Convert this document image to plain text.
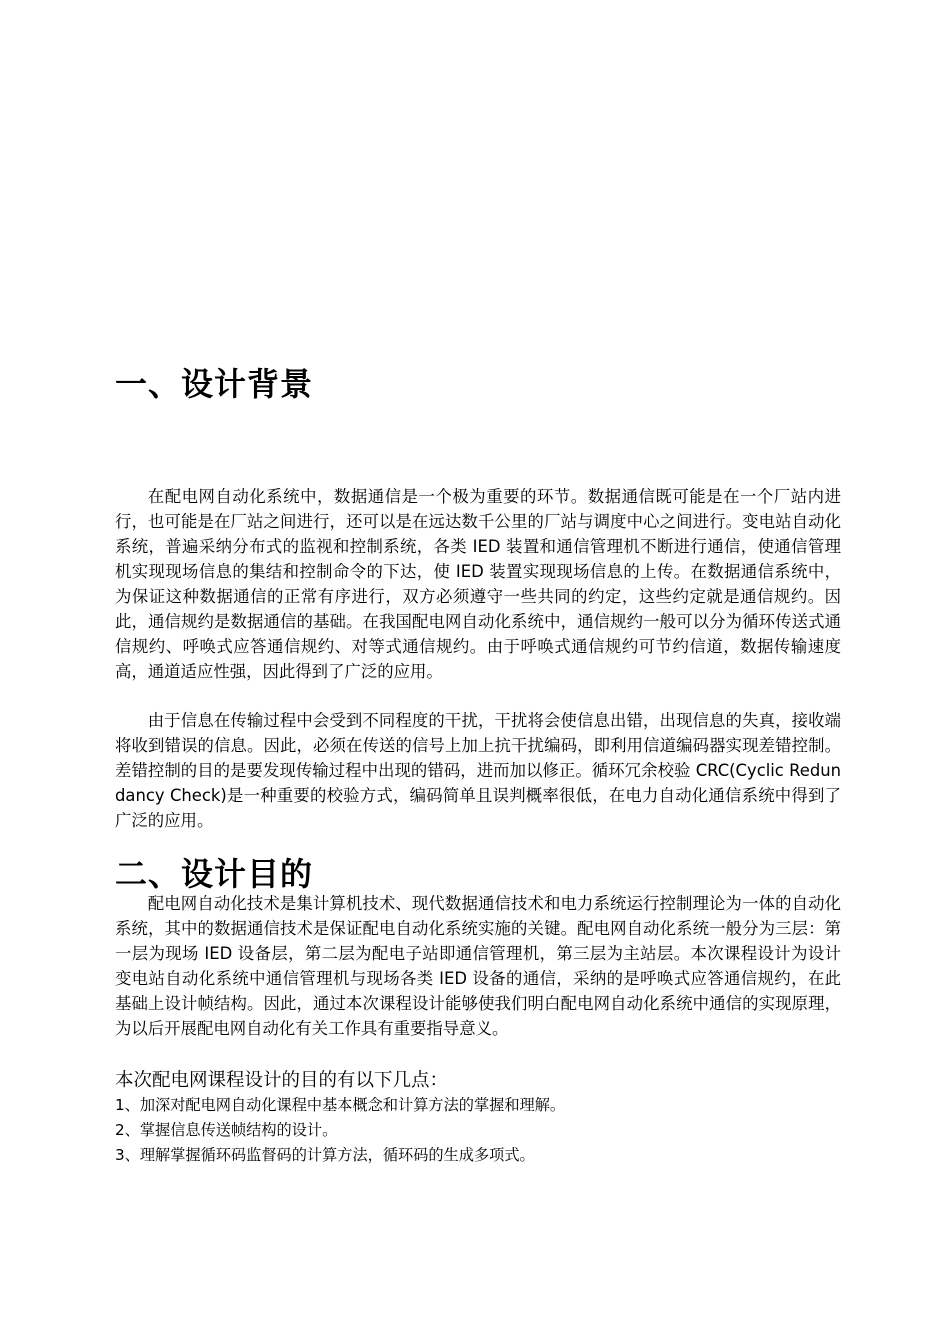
一、设计背景

在配电网自动化系统中，数据通信是一个极为重要的环节。数据通信既可能是在一个厂站内进行，也可能是在厂站之间进行，还可以是在远达数千公里的厂站与调度中心之间进行。变电站自动化系统，普遍采纳分布式的监视和控制系统，各类 IED 装置和通信管理机不断进行通信，使通信管理机实现现场信息的集结和控制命令的下达，使 IED 装置实现现场信息的上传。在数据通信系统中，为保证这种数据通信的正常有序进行，双方必须遵守一些共同的约定，这些约定就是通信规约。因此，通信规约是数据通信的基础。在我国配电网自动化系统中，通信规约一般可以分为循环传送式通信规约、呼唤式应答通信规约、对等式通信规约。由于呼唤式通信规约可节约信道，数据传输速度高，通道适应性强，因此得到了广泛的应用。

由于信息在传输过程中会受到不同程度的干扰，干扰将会使信息出错，出现信息的失真，接收端将收到错误的信息。因此，必须在传送的信号上加上抗干扰编码，即利用信道编码器实现差错控制。差错控制的目的是要发现传输过程中出现的错码，进而加以修正。循环冗余校验 CRC(Cyclic Redundancy Check)是一种重要的校验方式，编码简单且误判概率很低，在电力自动化通信系统中得到了广泛的应用。

二、设计目的

配电网自动化技术是集计算机技术、现代数据通信技术和电力系统运行控制理论为一体的自动化系统，其中的数据通信技术是保证配电自动化系统实施的关键。配电网自动化系统一般分为三层：第一层为现场 IED 设备层，第二层为配电子站即通信管理机，第三层为主站层。本次课程设计为设计变电站自动化系统中通信管理机与现场各类 IED 设备的通信，采纳的是呼唤式应答通信规约，在此基础上设计帧结构。因此，通过本次课程设计能够使我们明白配电网自动化系统中通信的实现原理，为以后开展配电网自动化有关工作具有重要指导意义。

本次配电网课程设计的目的有以下几点：

1、加深对配电网自动化课程中基本概念和计算方法的掌握和理解。
2、掌握信息传送帧结构的设计。
3、理解掌握循环码监督码的计算方法，循环码的生成多项式。
